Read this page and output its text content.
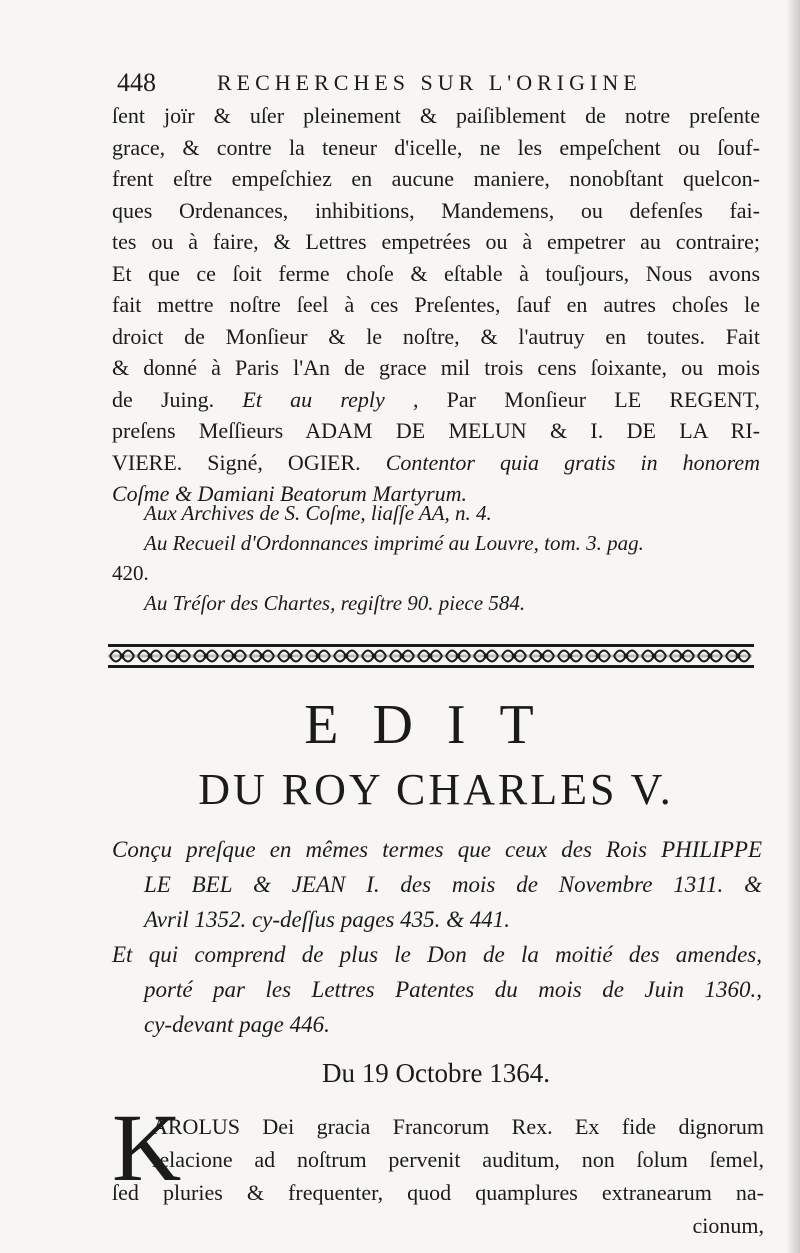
448	RECHERCHES SUR L'ORIGINE
ſent joïr & uſer pleinement & paiſiblement de notre preſente
grace, & contre la teneur d'icelle, ne les empeſchent ou ſouf-
frent eſtre empeſchiez en aucune maniere, nonobſtant quelcon-
ques Ordenances, inhibitions, Mandemens, ou defenſes fai-
tes ou à faire, & Lettres empetrées ou à empetrer au contraire;
Et que ce ſoit ferme choſe & eſtable à touſjours, Nous avons
fait mettre noſtre ſeel à ces Preſentes, ſauf en autres choſes le
droict de Monſieur & le noſtre, & l'autruy en toutes. Fait
& donné à Paris l'An de grace mil trois cens ſoixante, ou mois
de Juing. Et au reply , Par Monſieur LE REGENT,
preſens Meſſieurs ADAM DE MELUN & I. DE LA RI-
VIERE. Signé, OGIER. Contentor quia gratis in honorem
Coſme & Damiani Beatorum Martyrum.
Aux Archives de S. Coſme, liaſſe AA, n. 4.
Au Recueil d'Ordonnances imprimé au Louvre, tom. 3. pag.
420.
Au Tréſor des Chartes, regiſtre 90. piece 584.
EDIT
DU ROY CHARLES V.
Conçu preſque en mêmes termes que ceux des Rois PHILIPPE
LE BEL & JEAN I. des mois de Novembre 1311. &
Avril 1352. cy-deſſus pages 435. & 441.
Et qui comprend de plus le Don de la moitié des amendes,
porté par les Lettres Patentes du mois de Juin 1360.,
cy-devant page 446.
Du 19 Octobre 1364.
K
AROLUS Dei gracia Francorum Rex. Ex fide dignorum
relacione ad noſtrum pervenit auditum, non ſolum ſemel,
ſed pluries & frequenter, quod quamplures extranearum na-
cionum,
